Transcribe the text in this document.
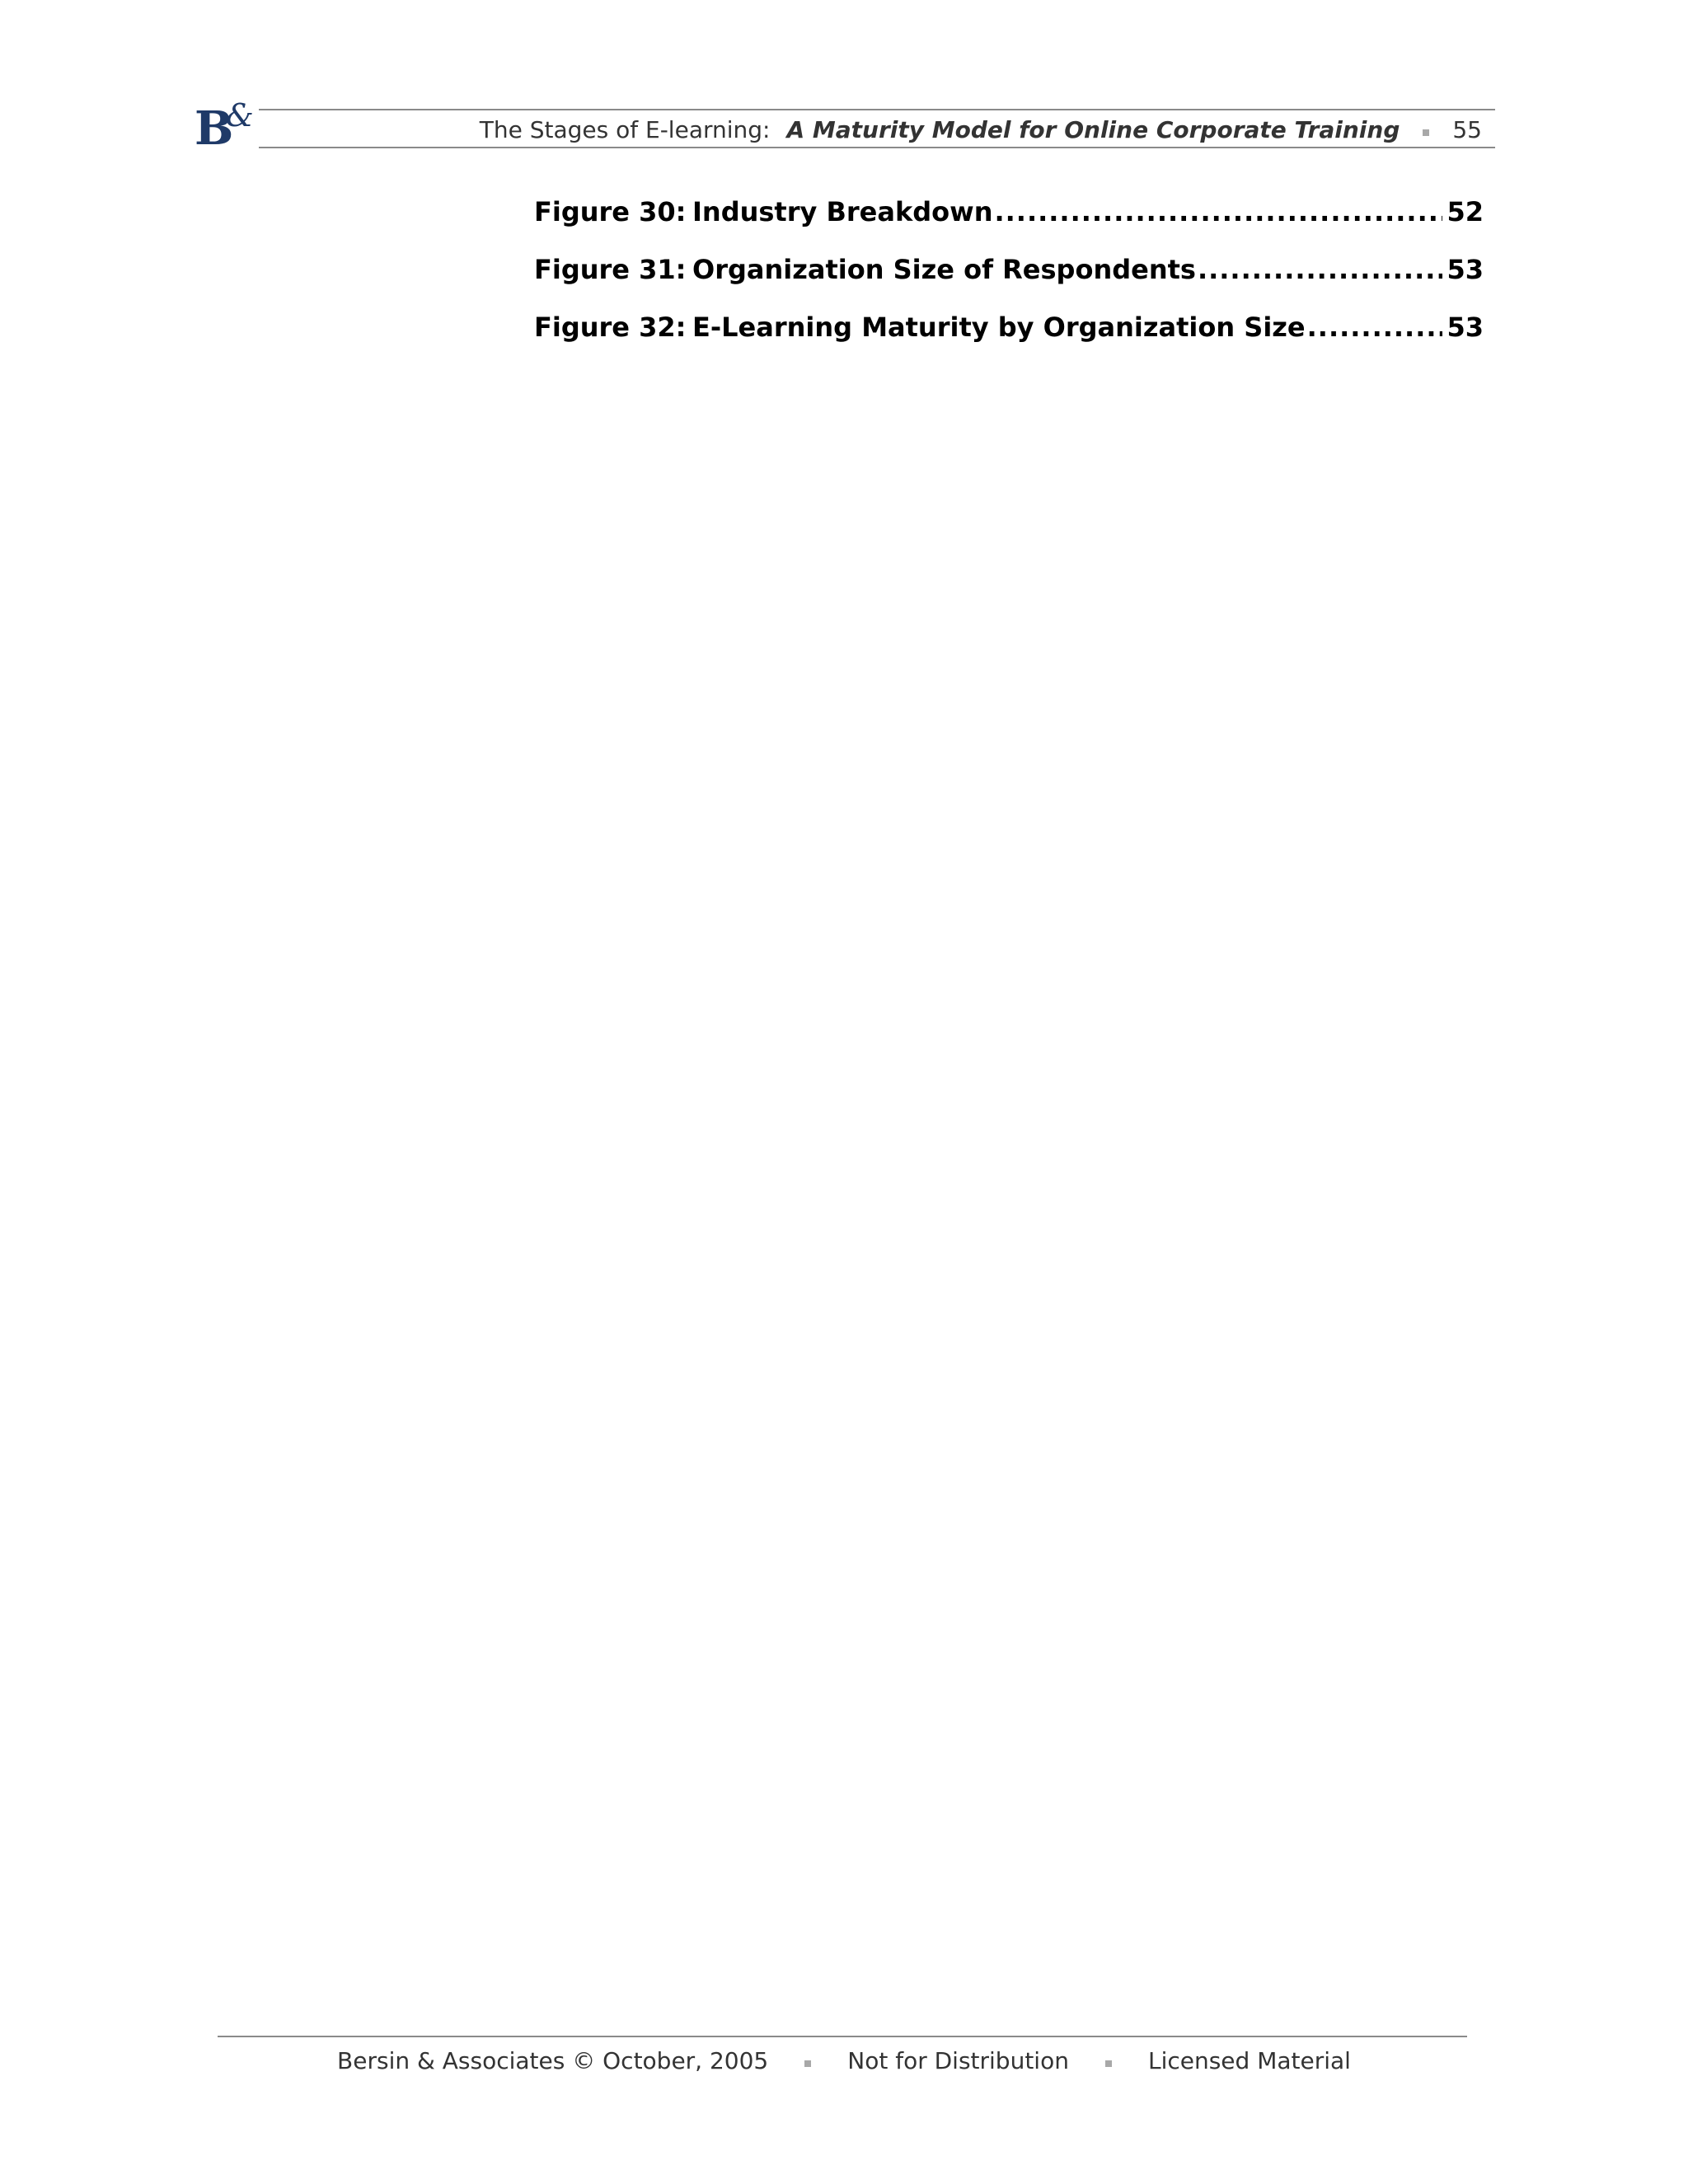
B
&	The Stages of E-learning: A Maturity Model for Online Corporate Training 55
Figure 30: Industry Breakdown .....	52
Figure 31: Organization Size of Respondents .....	53
Figure 32: E-Learning Maturity by Organization Size .....	53
Bersin & Associates © October, 2005	Not for Distribution	Licensed Material
